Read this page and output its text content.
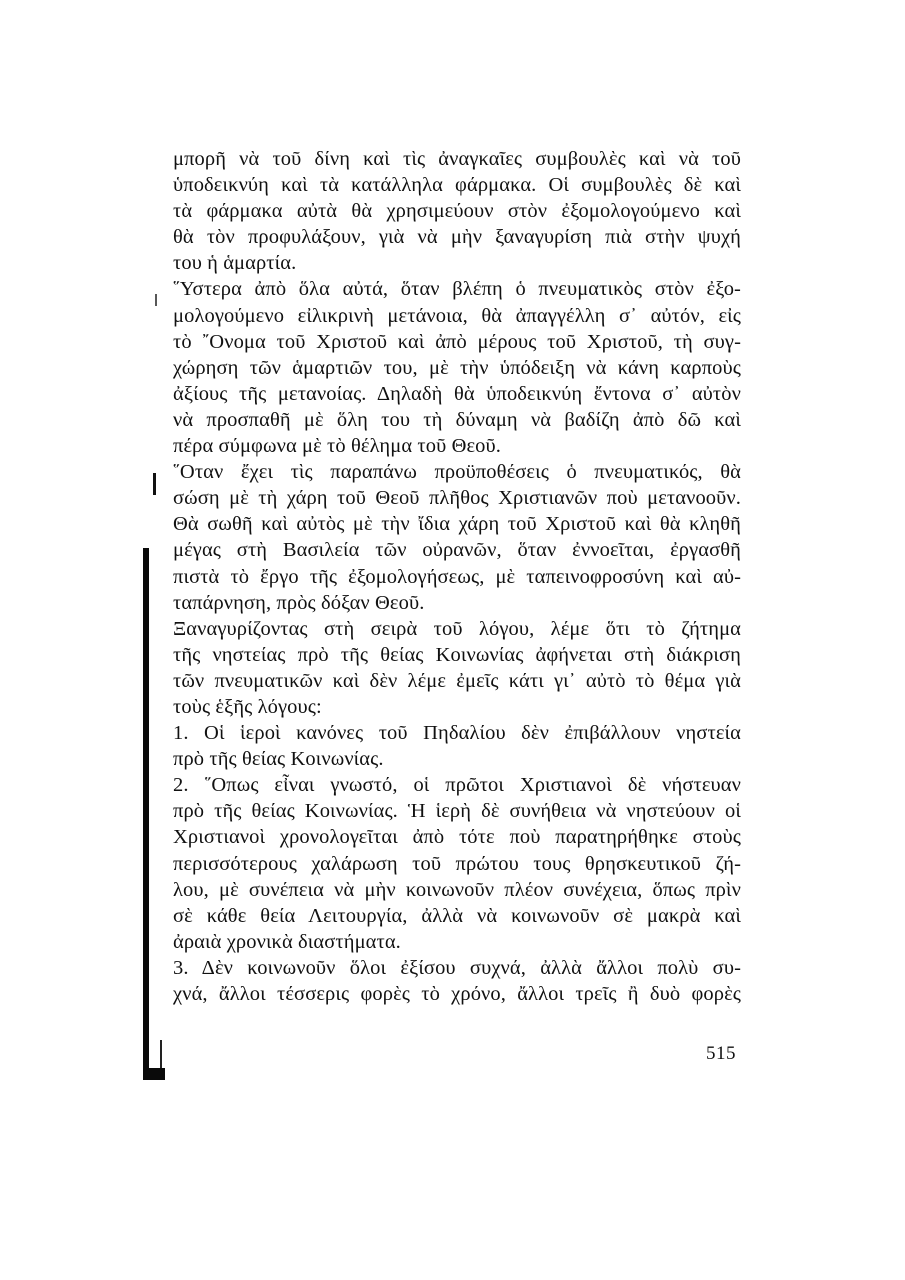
μπορῆ νὰ τοῦ δίνη καὶ τὶς ἀναγκαῖες συμβουλὲς καὶ νὰ τοῦ
ὑποδεικνύη καὶ τὰ κατάλληλα φάρμακα. Οἱ συμβουλὲς δὲ καὶ
τὰ φάρμακα αὐτὰ θὰ χρησιμεύουν στὸν ἐξομολογούμενο καὶ
θὰ τὸν προφυλάξουν, γιὰ νὰ μὴν ξαναγυρίση πιὰ στὴν ψυχή
του ἡ ἁμαρτία.
῞Υστερα ἀπὸ ὅλα αὐτά, ὅταν βλέπη ὁ πνευματικὸς στὸν ἐξο-
μολογούμενο εἰλικρινὴ μετάνοια, θὰ ἀπαγγέλλη σ᾽ αὐτόν, εἰς
τὸ ῎Ονομα τοῦ Χριστοῦ καὶ ἀπὸ μέρους τοῦ Χριστοῦ, τὴ συγ-
χώρηση τῶν ἁμαρτιῶν του, μὲ τὴν ὑπόδειξη νὰ κάνη καρποὺς
ἀξίους τῆς μετανοίας. Δηλαδὴ θὰ ὑποδεικνύη ἔντονα σ᾽ αὐτὸν
νὰ προσπαθῆ μὲ ὅλη του τὴ δύναμη νὰ βαδίζη ἀπὸ δῶ καὶ
πέρα σύμφωνα μὲ τὸ θέλημα τοῦ Θεοῦ.
῞Οταν ἔχει τὶς παραπάνω προϋποθέσεις ὁ πνευματικός, θὰ
σώση μὲ τὴ χάρη τοῦ Θεοῦ πλῆθος Χριστιανῶν ποὺ μετανοοῦν.
Θὰ σωθῆ καὶ αὐτὸς μὲ τὴν ἴδια χάρη τοῦ Χριστοῦ καὶ θὰ κληθῆ
μέγας στὴ Βασιλεία τῶν οὐρανῶν, ὅταν ἐννοεῖται, ἐργασθῆ
πιστὰ τὸ ἔργο τῆς ἐξομολογήσεως, μὲ ταπεινοφροσύνη καὶ αὐ-
ταπάρνηση, πρὸς δόξαν Θεοῦ.
Ξαναγυρίζοντας στὴ σειρὰ τοῦ λόγου, λέμε ὅτι τὸ ζήτημα
τῆς νηστείας πρὸ τῆς θείας Κοινωνίας ἀφήνεται στὴ διάκριση
τῶν πνευματικῶν καὶ δὲν λέμε ἐμεῖς κάτι γι᾽ αὐτὸ τὸ θέμα γιὰ
τοὺς ἑξῆς λόγους:
1. Οἱ ἱεροὶ κανόνες τοῦ Πηδαλίου δὲν ἐπιβάλλουν νηστεία
πρὸ τῆς θείας Κοινωνίας.
2. ῞Οπως εἶναι γνωστό, οἱ πρῶτοι Χριστιανοὶ δὲ νήστευαν
πρὸ τῆς θείας Κοινωνίας. Ἡ ἱερὴ δὲ συνήθεια νὰ νηστεύουν οἱ
Χριστιανοὶ χρονολογεῖται ἀπὸ τότε ποὺ παρατηρήθηκε στοὺς
περισσότερους χαλάρωση τοῦ πρώτου τους θρησκευτικοῦ ζή-
λου, μὲ συνέπεια νὰ μὴν κοινωνοῦν πλέον συνέχεια, ὅπως πρὶν
σὲ κάθε θεία Λειτουργία, ἀλλὰ νὰ κοινωνοῦν σὲ μακρὰ καὶ
ἀραιὰ χρονικὰ διαστήματα.
3. Δὲν κοινωνοῦν ὅλοι ἐξίσου συχνά, ἀλλὰ ἄλλοι πολὺ συ-
χνά, ἄλλοι τέσσερις φορὲς τὸ χρόνο, ἄλλοι τρεῖς ἢ δυὸ φορὲς
515
